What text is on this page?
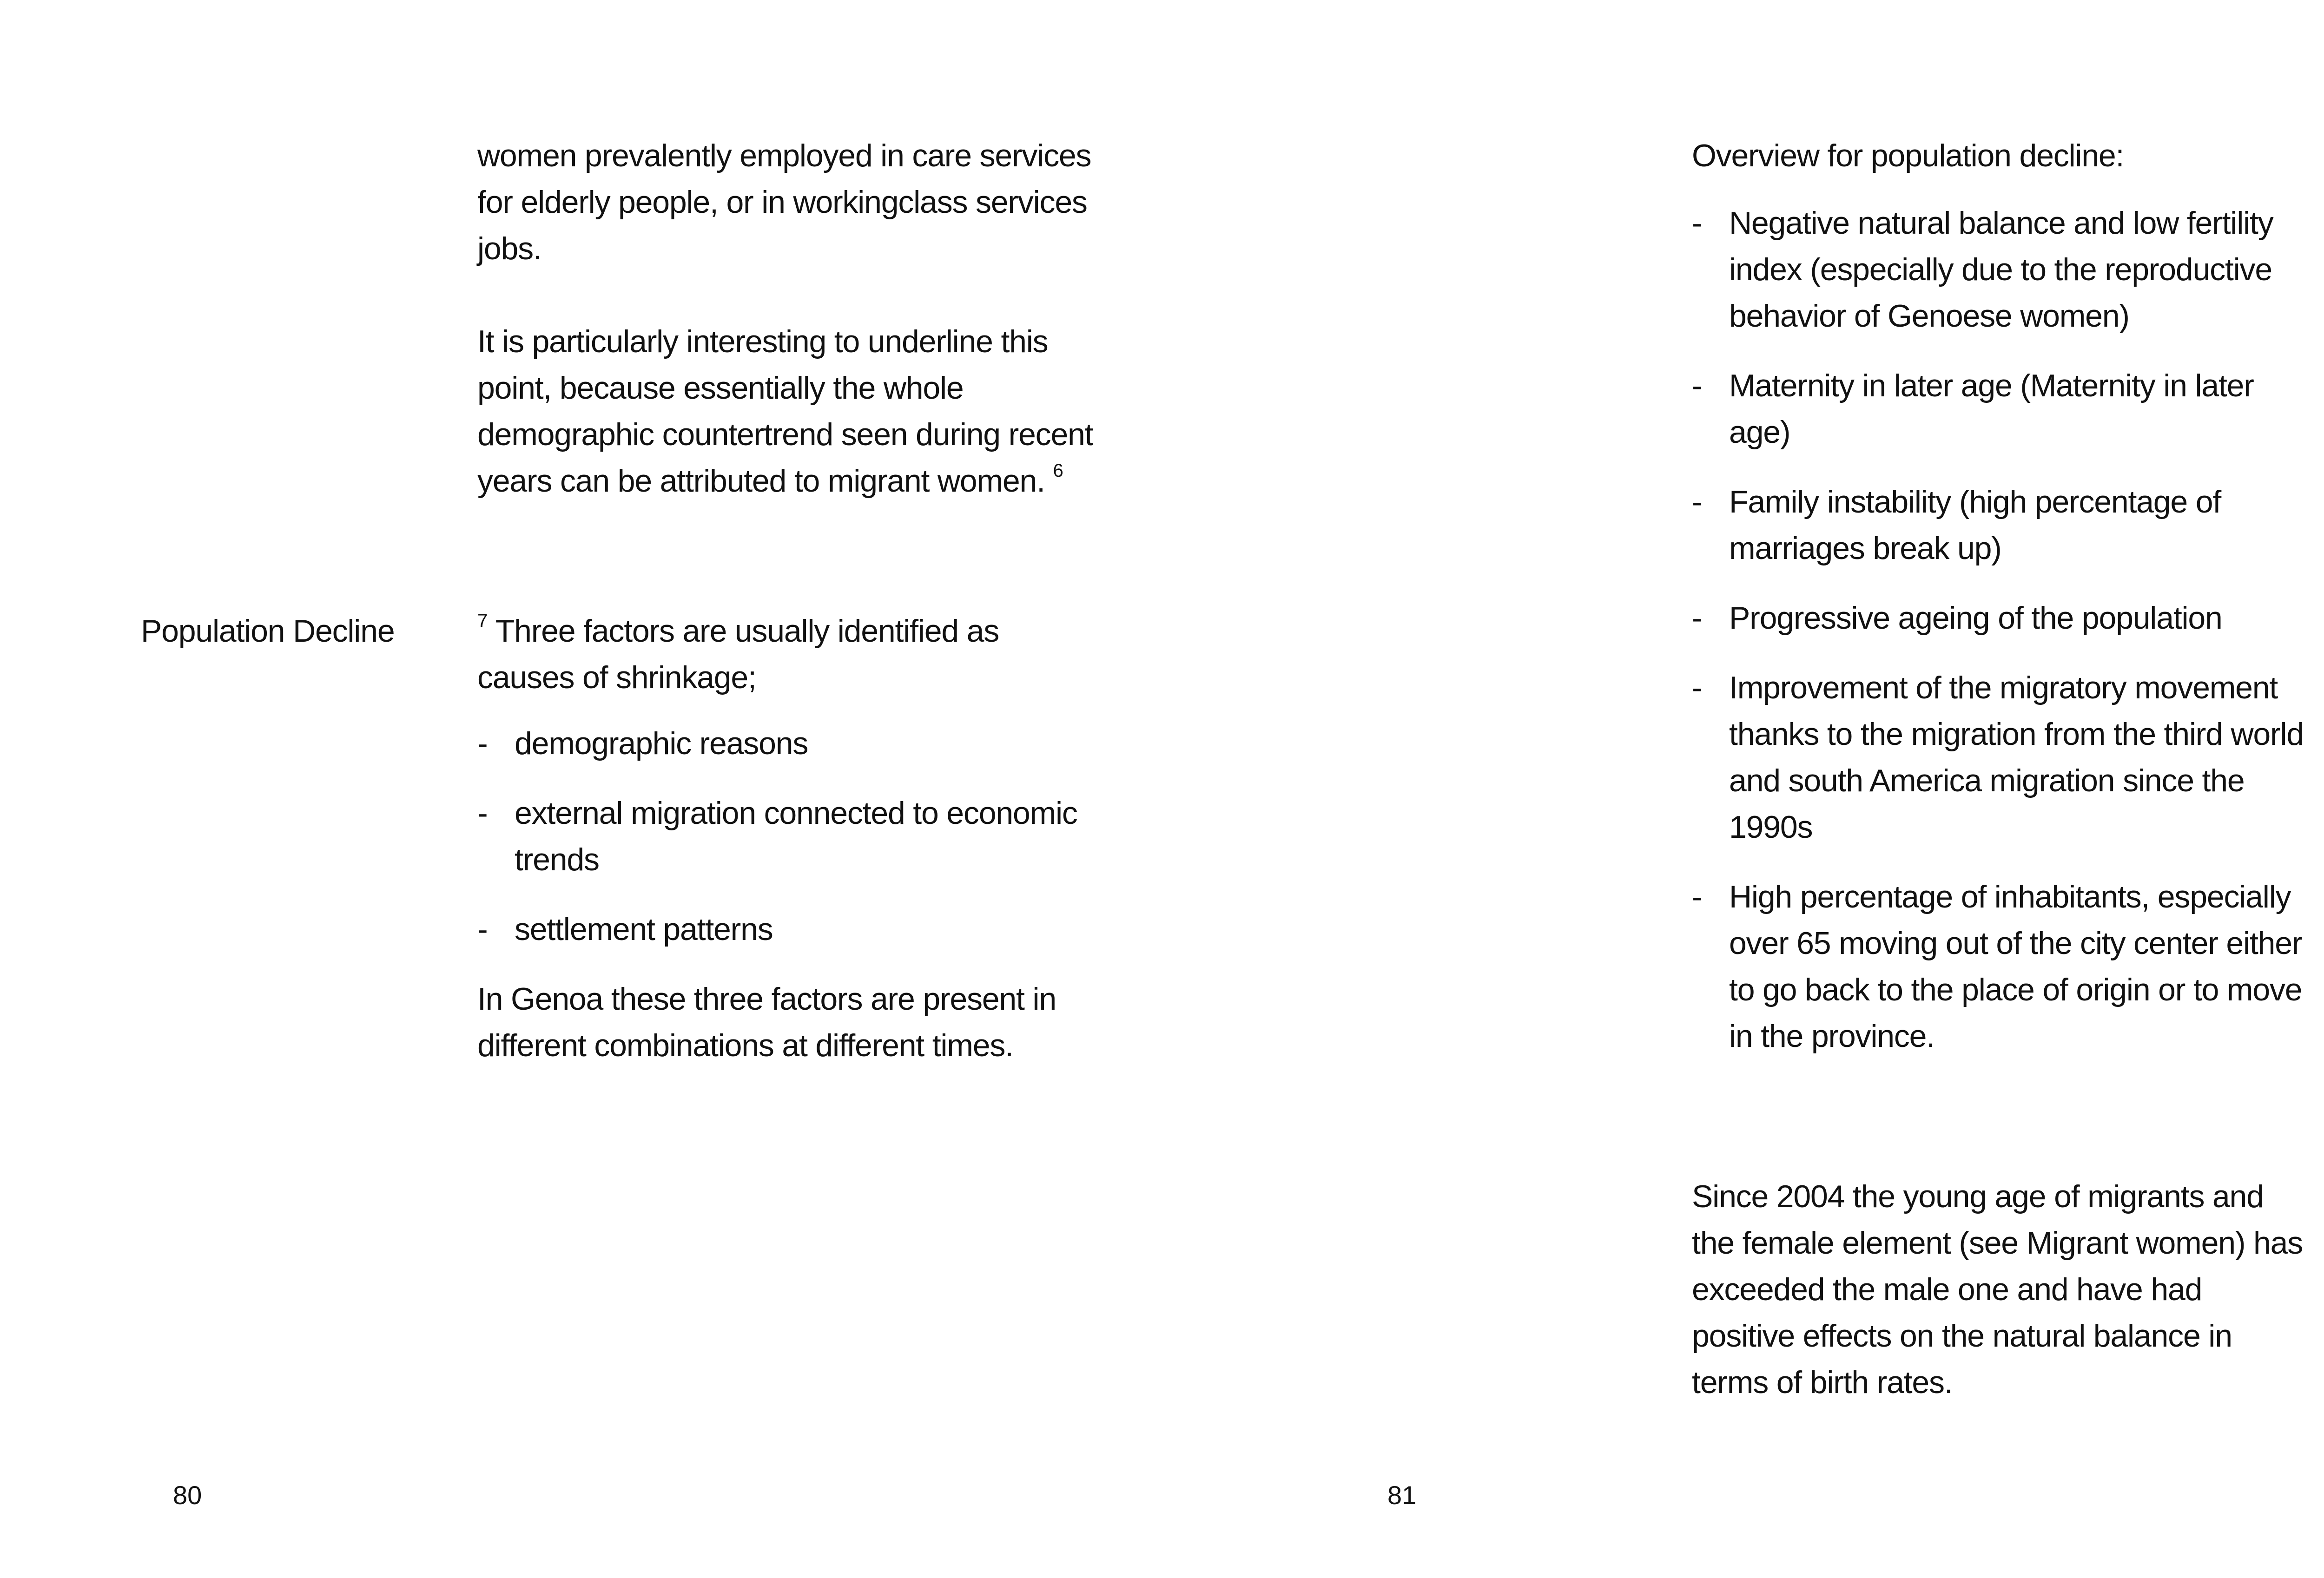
women prevalently employed in care services for elderly people, or in workingclass services jobs.

It is particularly interesting to underline this point, because essentially the whole demographic countertrend seen during recent years can be attributed to migrant women. $^6$

Population Decline	$^7$ Three factors are usually identified as causes of shrinkage;

- demographic reasons
- external migration connected to economic trends
- settlement patterns

In Genoa these three factors are present in different combinations at different times.

80

Overview for population decline:

- Negative natural balance and low fertility index (especially due to the reproductive behavior of Genoese women)
- Maternity in later age (Maternity in later age)
- Family instability (high percentage of marriages break up)
- Progressive ageing of the population
- Improvement of the migratory movement thanks to the migration from the third world and south America migration since the 1990s
- High percentage of inhabitants, especially over 65 moving out of the city center either to go back to the place of origin or to move in the province.

Since 2004 the young age of migrants and the female element (see Migrant women) has exceeded the male one and have had positive effects on the natural balance in terms of birth rates.

81
